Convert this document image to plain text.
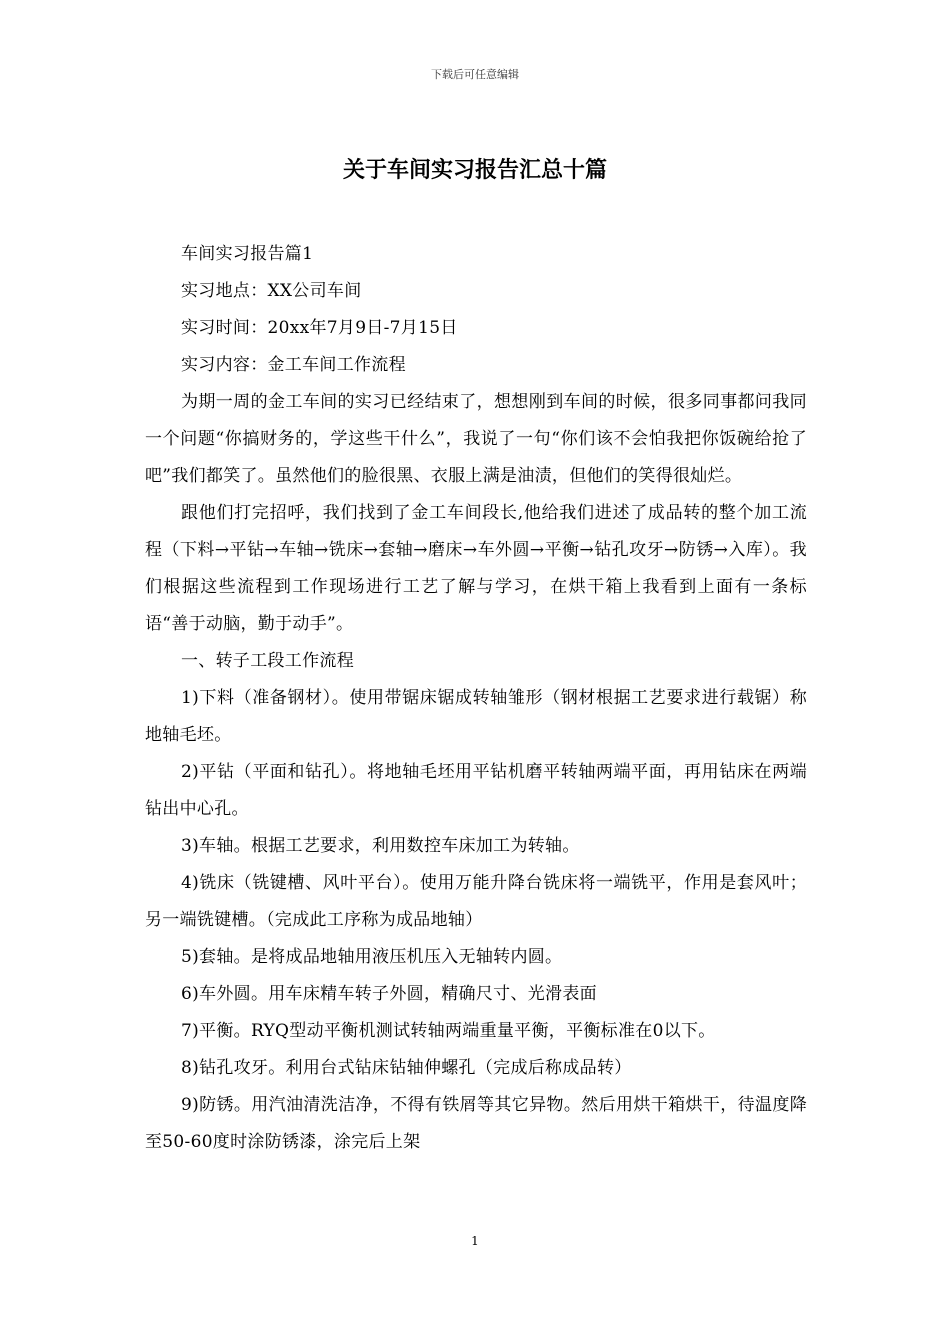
下载后可任意编辑
关于车间实习报告汇总十篇

车间实习报告篇1

实习地点：XX公司车间

实习时间：20xx年7月9日-7月15日

实习内容：金工车间工作流程

为期一周的金工车间的实习已经结束了，想想刚到车间的时候，很多同事都问我同一个问题“你搞财务的，学这些干什么”，我说了一句“你们该不会怕我把你饭碗给抢了吧”我们都笑了。虽然他们的脸很黑、衣服上满是油渍，但他们的笑得很灿烂。

跟他们打完招呼，我们找到了金工车间段长,他给我们进述了成品转的整个加工流程（下料→平钻→车轴→铣床→套轴→磨床→车外圆→平衡→钻孔攻牙→防锈→入库）。我们根据这些流程到工作现场进行工艺了解与学习，在烘干箱上我看到上面有一条标语“善于动脑，勤于动手”。

一、转子工段工作流程

1)下料（准备钢材）。使用带锯床锯成转轴雏形（钢材根据工艺要求进行载锯）称地轴毛坯。

2)平钻（平面和钻孔）。将地轴毛坯用平钻机磨平转轴两端平面，再用钻床在两端钻出中心孔。

3)车轴。根据工艺要求，利用数控车床加工为转轴。

4)铣床（铣键槽、风叶平台）。使用万能升降台铣床将一端铣平，作用是套风叶；另一端铣键槽。（完成此工序称为成品地轴）

5)套轴。是将成品地轴用液压机压入无轴转内圆。

6)车外圆。用车床精车转子外圆，精确尺寸、光滑表面

7)平衡。RYQ型动平衡机测试转轴两端重量平衡，平衡标准在0以下。

8)钻孔攻牙。利用台式钻床钻轴伸螺孔（完成后称成品转）

9)防锈。用汽油清洗洁净，不得有铁屑等其它异物。然后用烘干箱烘干，待温度降至50-60度时涂防锈漆，涂完后上架

1
